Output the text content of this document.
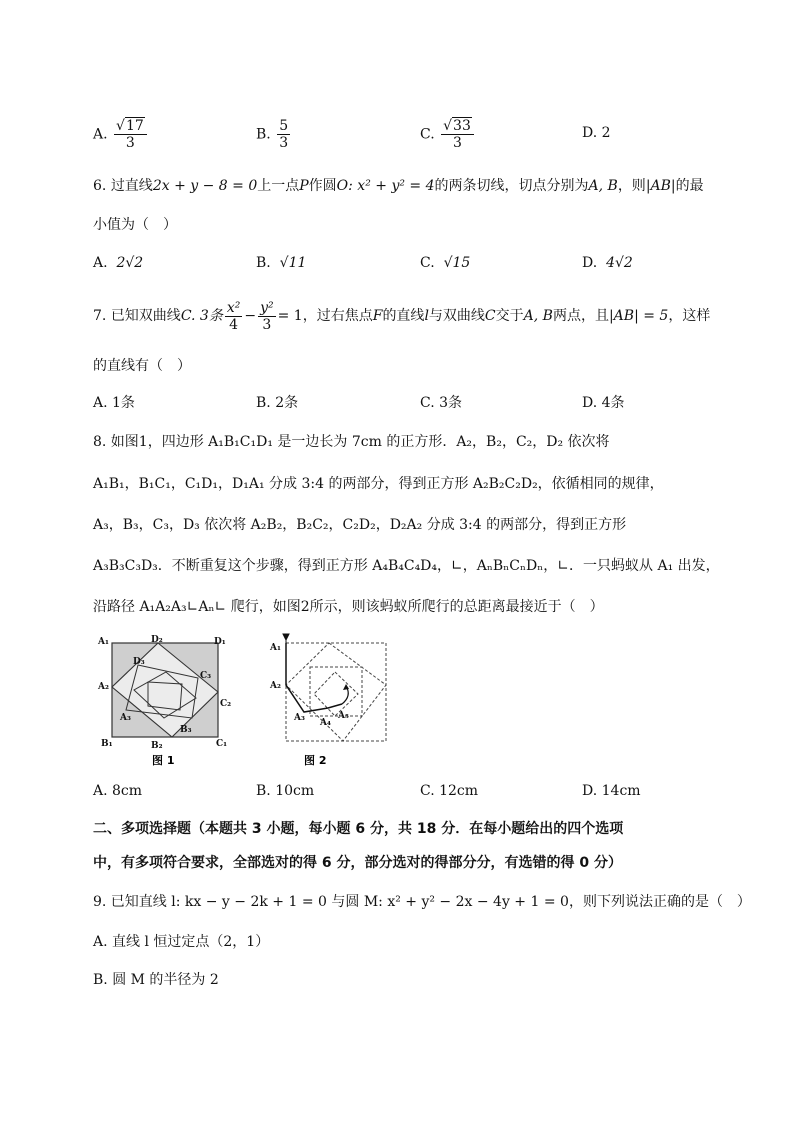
A. $\frac{√17}{3}$	B. $\frac{5}{3}$	C. $\frac{√33}{3}$	D. 2
6. 过直线2x + y − 8 = 0上一点P作圆O: x² + y² = 4的两条切线，切点分别为A, B，则|AB|的最
小值为（　）
A. 2√2	B. √11	C. √15	D. 4√2
7. 已知双曲线C. 3条 $\frac{\text{x²}}{4} - \frac{\text{y²}}{3} = 1$，过右焦点F的直线l与双曲线C交于A, B两点，且|AB| = 5，这样
的直线有（　）
A. 1条	B. 2条	C. 3条	D. 4条
8. 如图1，四边形 A₁B₁C₁D₁ 是一边长为 7cm 的正方形．A₂，B₂，C₂，D₂ 依次将
A₁B₁，B₁C₁，C₁D₁，D₁A₁ 分成 3:4 的两部分，得到正方形 A₂B₂C₂D₂，依循相同的规律，
A₃，B₃，C₃，D₃ 依次将 A₂B₂，B₂C₂，C₂D₂，D₂A₂ 分成 3:4 的两部分，得到正方形
A₃B₃C₃D₃．不断重复这个步骤，得到正方形 A₄B₄C₄D₄，∟，AₙBₙCₙDₙ，∟．一只蚂蚁从 A₁ 出发，
沿路径 A₁A₂A₃∟Aₙ∟ 爬行，如图2所示，则该蚂蚁所爬行的总距离最接近于（　）
A₁	D₂	D₁
D₃
C₃
A₂
C₂
A₃
B₃
B₁	B₂	C₁
图 1
A₁
A₂
A₃ A₄
A₅
图 2
A. 8cm	B. 10cm	C. 12cm	D. 14cm
二、多项选择题（本题共 3 小题，每小题 6 分，共 18 分．在每小题给出的四个选项
中，有多项符合要求，全部选对的得 6 分，部分选对的得部分分，有选错的得 0 分）
9. 已知直线 l: kx − y − 2k + 1 = 0 与圆 M: x² + y² − 2x − 4y + 1 = 0，则下列说法正确的是（　）
A. 直线 l 恒过定点（2，1）
B. 圆 M 的半径为 2
